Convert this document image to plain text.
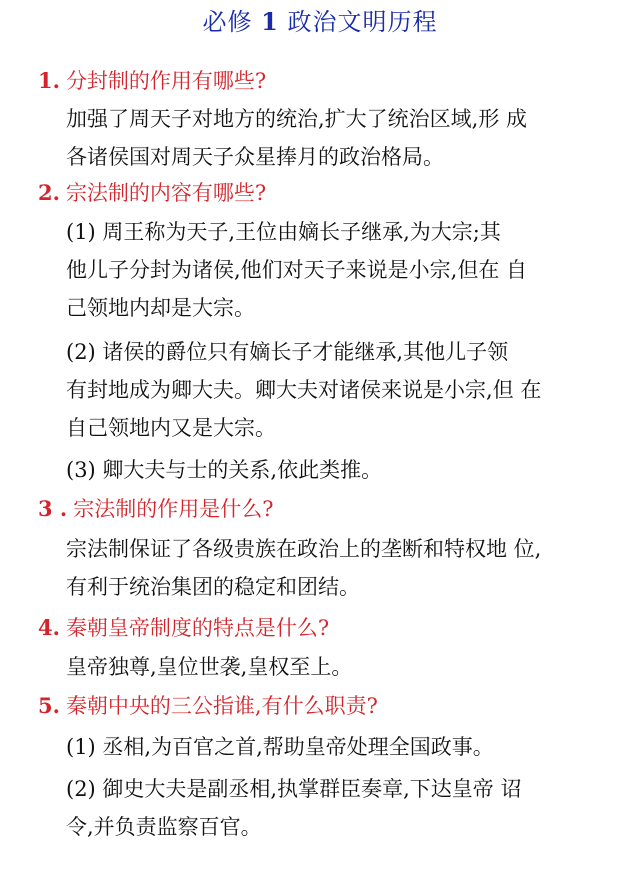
必修 1 政治文明历程
1. 分封制的作用有哪些?
加强了周天子对地方的统治,扩大了统治区域,形 成
各诸侯国对周天子众星捧月的政治格局。
2. 宗法制的内容有哪些?
(1) 周王称为天子,王位由嫡长子继承,为大宗;其
他儿子分封为诸侯,他们对天子来说是小宗,但在 自
己领地内却是大宗。
(2) 诸侯的爵位只有嫡长子才能继承,其他儿子领
有封地成为卿大夫。卿大夫对诸侯来说是小宗,但 在
自己领地内又是大宗。
(3) 卿大夫与士的关系,依此类推。
3 . 宗法制的作用是什么?
宗法制保证了各级贵族在政治上的垄断和特权地 位,
有利于统治集团的稳定和团结。
4. 秦朝皇帝制度的特点是什么?
皇帝独尊,皇位世袭,皇权至上。
5. 秦朝中央的三公指谁,有什么职责?
(1) 丞相,为百官之首,帮助皇帝处理全国政事。
(2) 御史大夫是副丞相,执掌群臣奏章,下达皇帝 诏
令,并负责监察百官。
